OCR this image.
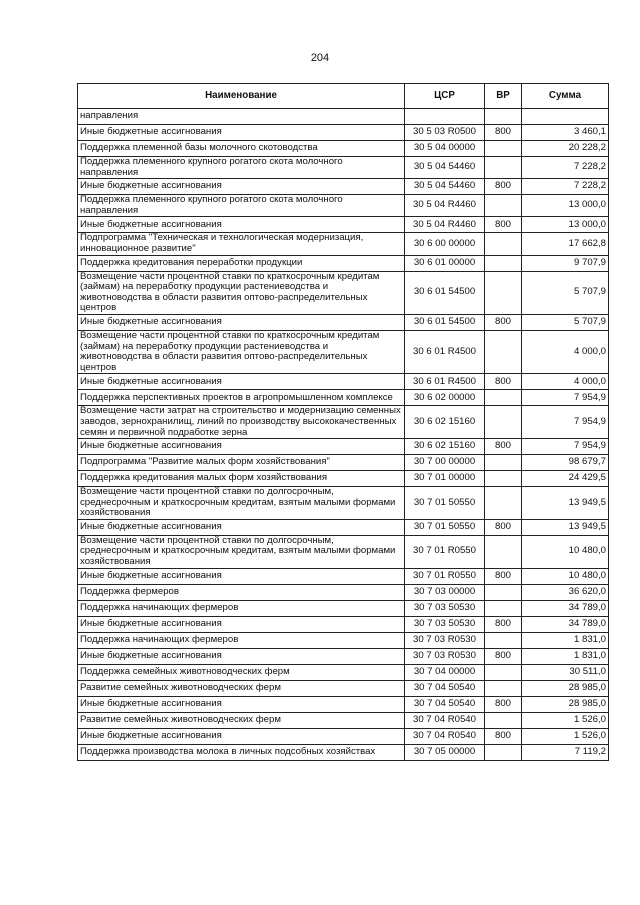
204
Наименование	ЦСР	ВР	Сумма
направления			
Иные бюджетные ассигнования	30 5 03 R0500	800	3 460,1
Поддержка племенной базы молочного скотоводства	30 5 04 00000		20 228,2
Поддержка племенного крупного рогатого скота молочного направления	30 5 04 54460		7 228,2
Иные бюджетные ассигнования	30 5 04 54460	800	7 228,2
Поддержка племенного крупного рогатого скота молочного направления	30 5 04 R4460		13 000,0
Иные бюджетные ассигнования	30 5 04 R4460	800	13 000,0
Подпрограмма "Техническая и технологическая модернизация, инновационное развитие"	30 6 00 00000		17 662,8
Поддержка кредитования переработки продукции	30 6 01 00000		9 707,9
Возмещение части процентной ставки по краткосрочным кредитам (займам) на переработку продукции растениеводства и животноводства в области развития оптово-распределительных центров	30 6 01 54500		5 707,9
Иные бюджетные ассигнования	30 6 01 54500	800	5 707,9
Возмещение части процентной ставки по краткосрочным кредитам (займам) на переработку продукции растениеводства и животноводства в области развития оптово-распределительных центров	30 6 01 R4500		4 000,0
Иные бюджетные ассигнования	30 6 01 R4500	800	4 000,0
Поддержка перспективных проектов в агропромышленном комплексе	30 6 02 00000		7 954,9
Возмещение части затрат на строительство и модернизацию семенных заводов, зернохранилищ, линий по производству высококачественных семян и первичной подработке зерна	30 6 02 15160		7 954,9
Иные бюджетные ассигнования	30 6 02 15160	800	7 954,9
Подпрограмма "Развитие малых форм хозяйствования"	30 7 00 00000		98 679,7
Поддержка кредитования малых форм хозяйствования	30 7 01 00000		24 429,5
Возмещение части процентной ставки по долгосрочным, среднесрочным и краткосрочным кредитам, взятым малыми формами хозяйствования	30 7 01 50550		13 949,5
Иные бюджетные ассигнования	30 7 01 50550	800	13 949,5
Возмещение части процентной ставки по долгосрочным, среднесрочным и краткосрочным кредитам, взятым малыми формами хозяйствования	30 7 01 R0550		10 480,0
Иные бюджетные ассигнования	30 7 01 R0550	800	10 480,0
Поддержка фермеров	30 7 03 00000		36 620,0
Поддержка начинающих фермеров	30 7 03 50530		34 789,0
Иные бюджетные ассигнования	30 7 03 50530	800	34 789,0
Поддержка начинающих фермеров	30 7 03 R0530		1 831,0
Иные бюджетные ассигнования	30 7 03 R0530	800	1 831,0
Поддержка семейных животноводческих ферм	30 7 04 00000		30 511,0
Развитие семейных животноводческих ферм	30 7 04 50540		28 985,0
Иные бюджетные ассигнования	30 7 04 50540	800	28 985,0
Развитие семейных животноводческих ферм	30 7 04 R0540		1 526,0
Иные бюджетные ассигнования	30 7 04 R0540	800	1 526,0
Поддержка производства молока в личных подсобных хозяйствах	30 7 05 00000		7 119,2
